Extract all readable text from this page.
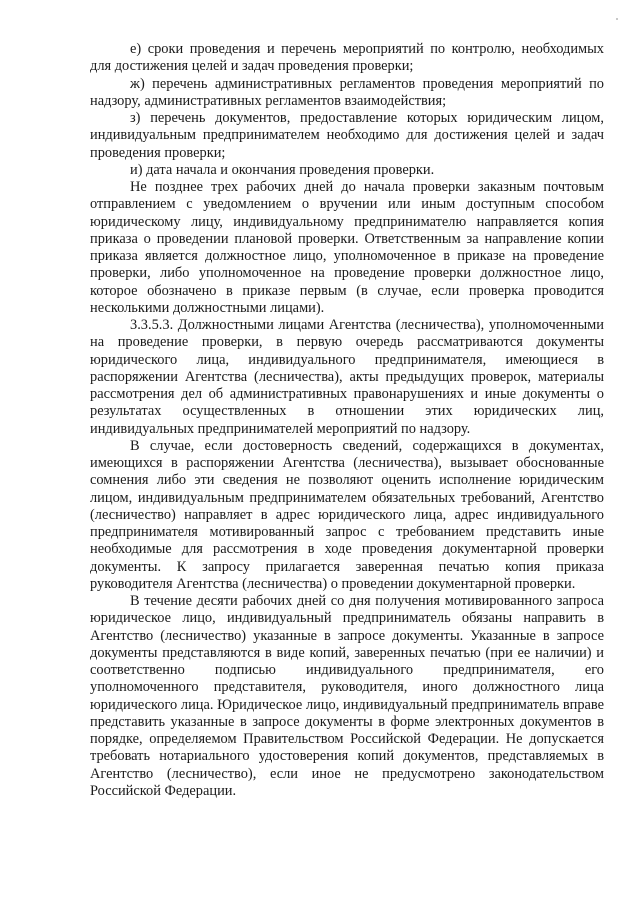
е) сроки проведения и перечень мероприятий по контролю, необходимых для достижения целей и задач проведения проверки;

ж) перечень административных регламентов проведения мероприятий по надзору, административных регламентов взаимодействия;

з) перечень документов, предоставление которых юридическим лицом, индивидуальным предпринимателем необходимо для достижения целей и задач проведения проверки;

и) дата начала и окончания проведения проверки.

Не позднее трех рабочих дней до начала проверки заказным почтовым отправлением с уведомлением о вручении или иным доступным способом юридическому лицу, индивидуальному предпринимателю направляется копия приказа о проведении плановой проверки. Ответственным за направление копии приказа является должностное лицо, уполномоченное в приказе на проведение проверки, либо уполномоченное на проведение проверки должностное лицо, которое обозначено в приказе первым (в случае, если проверка проводится несколькими должностными лицами).

3.3.5.3. Должностными лицами Агентства (лесничества), уполномоченными на проведение проверки, в первую очередь рассматриваются документы юридического лица, индивидуального предпринимателя, имеющиеся в распоряжении Агентства (лесничества), акты предыдущих проверок, материалы рассмотрения дел об административных правонарушениях и иные документы о результатах осуществленных в отношении этих юридических лиц, индивидуальных предпринимателей мероприятий по надзору.

В случае, если достоверность сведений, содержащихся в документах, имеющихся в распоряжении Агентства (лесничества), вызывает обоснованные сомнения либо эти сведения не позволяют оценить исполнение юридическим лицом, индивидуальным предпринимателем обязательных требований, Агентство (лесничество) направляет в адрес юридического лица, адрес индивидуального предпринимателя мотивированный запрос с требованием представить иные необходимые для рассмотрения в ходе проведения документарной проверки документы. К запросу прилагается заверенная печатью копия приказа руководителя Агентства (лесничества) о проведении документарной проверки.

В течение десяти рабочих дней со дня получения мотивированного запроса юридическое лицо, индивидуальный предприниматель обязаны направить в Агентство (лесничество) указанные в запросе документы. Указанные в запросе документы представляются в виде копий, заверенных печатью (при ее наличии) и соответственно подписью индивидуального предпринимателя, его уполномоченного представителя, руководителя, иного должностного лица юридического лица. Юридическое лицо, индивидуальный предприниматель вправе представить указанные в запросе документы в форме электронных документов в порядке, определяемом Правительством Российской Федерации. Не допускается требовать нотариального удостоверения копий документов, представляемых в Агентство (лесничество), если иное не предусмотрено законодательством Российской Федерации.
